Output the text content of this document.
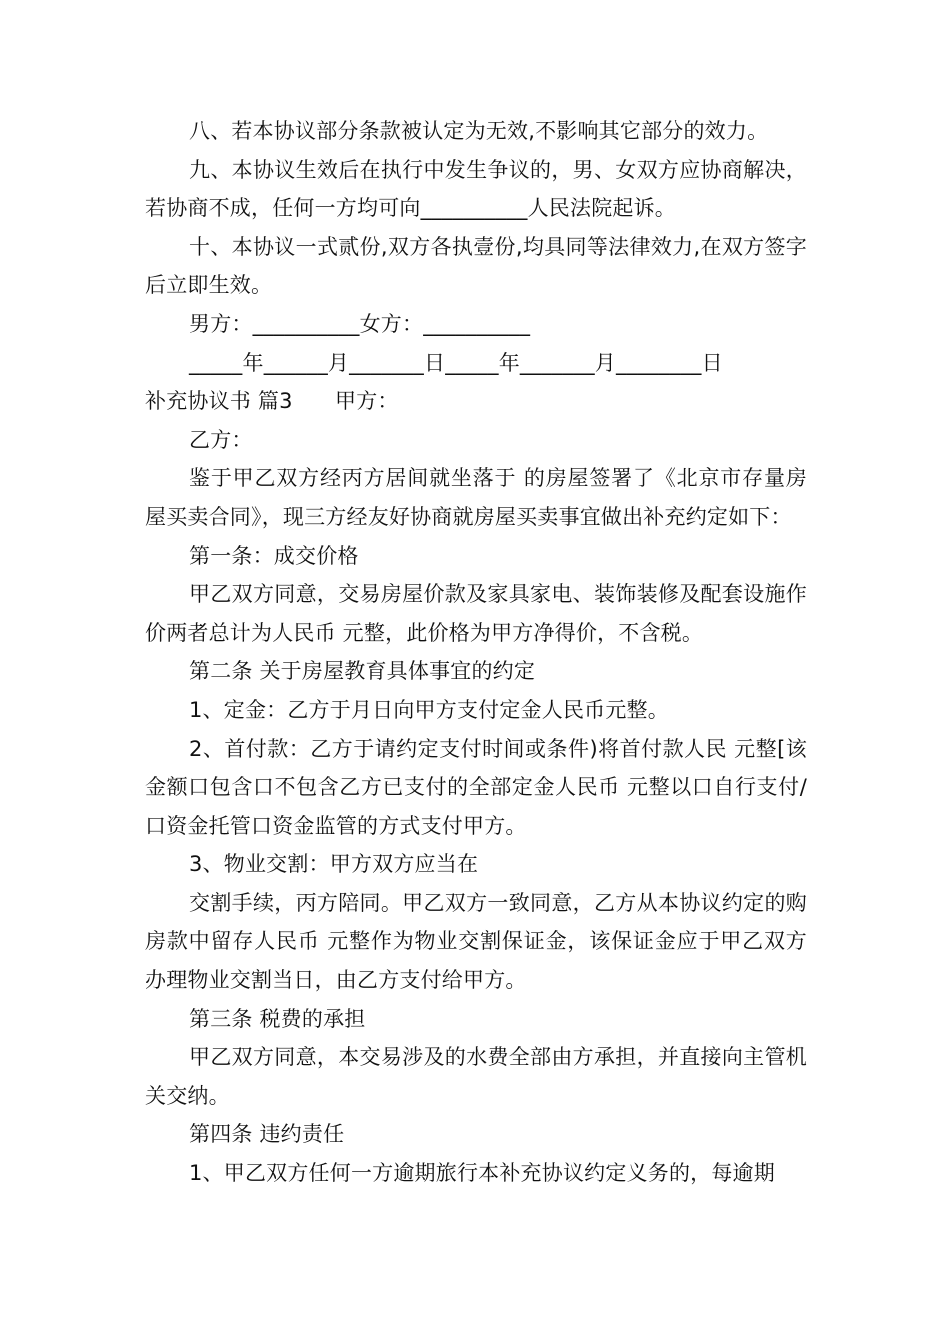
八、若本协议部分条款被认定为无效,不影响其它部分的效力。

九、本协议生效后在执行中发生争议的，男、女双方应协商解决，若协商不成，任何一方均可向__________人民法院起诉。

十、本协议一式贰份,双方各执壹份,均具同等法律效力,在双方签字后立即生效。

男方：__________女方：__________

_____年______月_______日_____年_______月________日

补充协议书 篇3　　甲方：

乙方：

鉴于甲乙双方经丙方居间就坐落于 的房屋签署了《北京市存量房屋买卖合同》，现三方经友好协商就房屋买卖事宜做出补充约定如下：

第一条：成交价格

甲乙双方同意，交易房屋价款及家具家电、装饰装修及配套设施作价两者总计为人民币 元整，此价格为甲方净得价，不含税。

第二条 关于房屋教育具体事宜的约定

1、定金：乙方于月日向甲方支付定金人民币元整。

2、首付款：乙方于请约定支付时间或条件)将首付款人民 元整[该金额口包含口不包含乙方已支付的全部定金人民币 元整以口自行支付/口资金托管口资金监管的方式支付甲方。

3、物业交割：甲方双方应当在

交割手续，丙方陪同。甲乙双方一致同意，乙方从本协议约定的购房款中留存人民币 元整作为物业交割保证金，该保证金应于甲乙双方办理物业交割当日，由乙方支付给甲方。

第三条 税费的承担

甲乙双方同意，本交易涉及的水费全部由方承担，并直接向主管机关交纳。

第四条 违约责任

1、甲乙双方任何一方逾期旅行本补充协议约定义务的，每逾期
